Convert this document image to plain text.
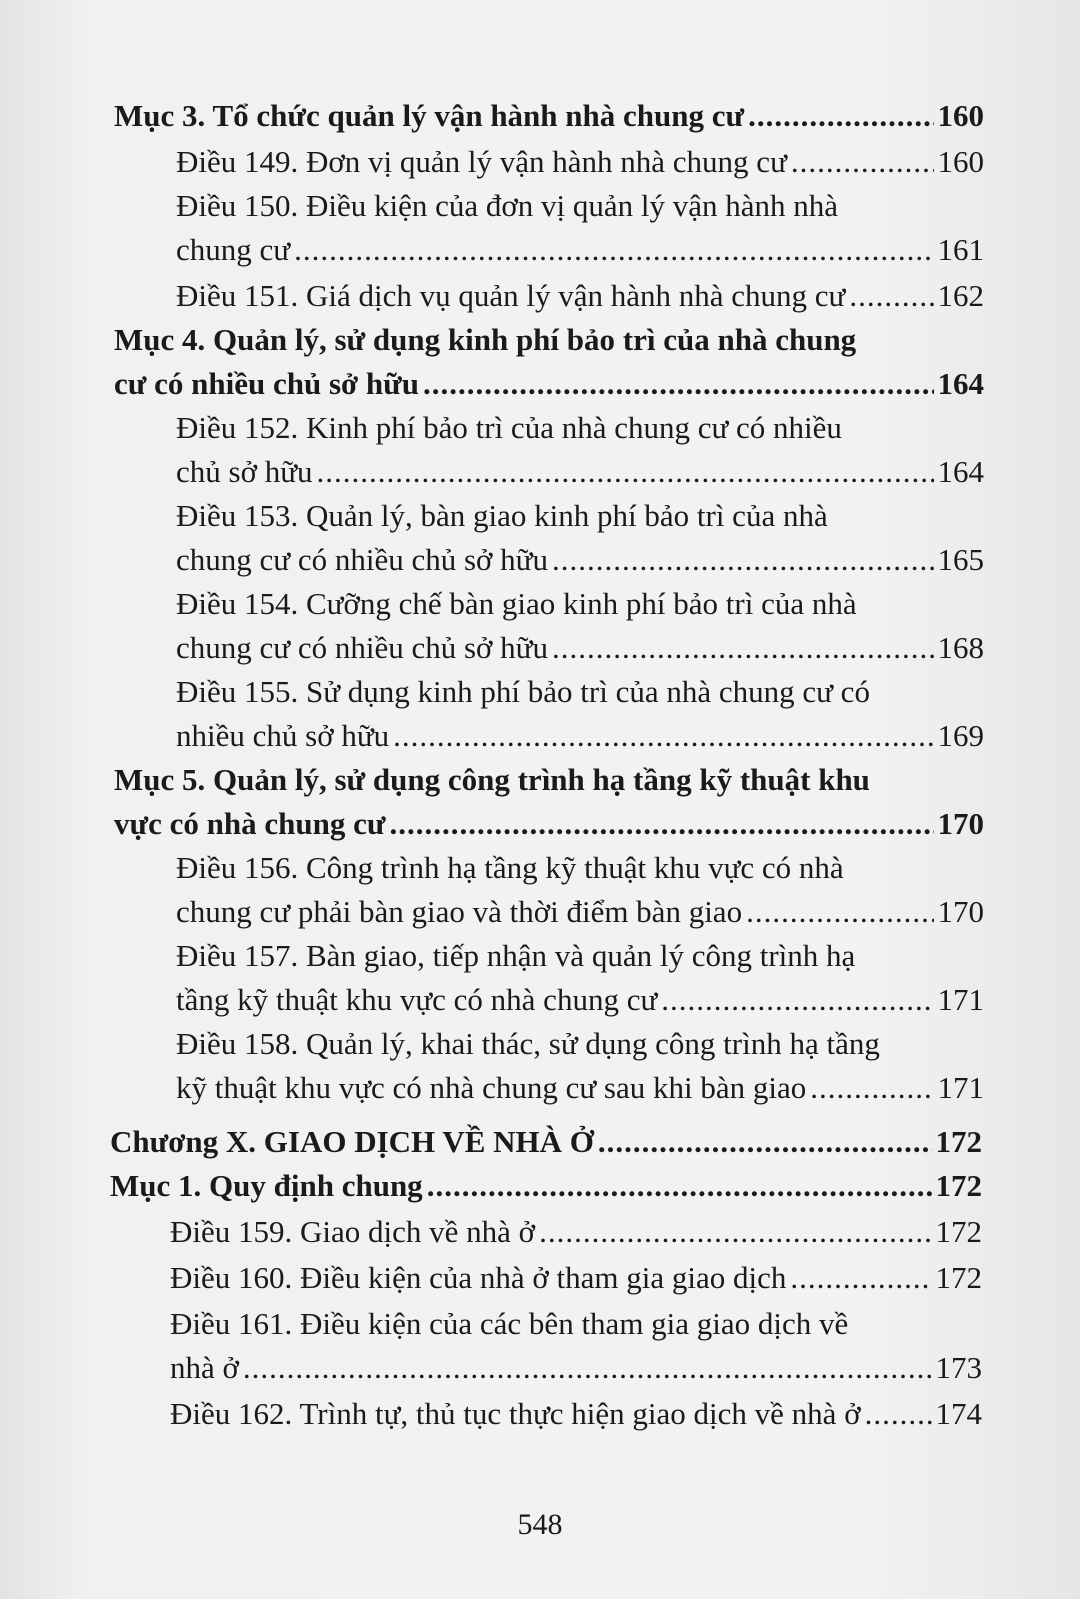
Mục 3. Tổ chức quản lý vận hành nhà chung cư .....	160
Điều 149. Đơn vị quản lý vận hành nhà chung cư .....	160
Điều 150. Điều kiện của đơn vị quản lý vận hành nhà
chung cư .....	161
Điều 151. Giá dịch vụ quản lý vận hành nhà chung cư .....	162
Mục 4. Quản lý, sử dụng kinh phí bảo trì của nhà chung
cư có nhiều chủ sở hữu .....	164
Điều 152. Kinh phí bảo trì của nhà chung cư có nhiều
chủ sở hữu .....	164
Điều 153. Quản lý, bàn giao kinh phí bảo trì của nhà
chung cư có nhiều chủ sở hữu .....	165
Điều 154. Cưỡng chế bàn giao kinh phí bảo trì của nhà
chung cư có nhiều chủ sở hữu .....	168
Điều 155. Sử dụng kinh phí bảo trì của nhà chung cư có
nhiều chủ sở hữu .....	169
Mục 5. Quản lý, sử dụng công trình hạ tầng kỹ thuật khu
vực có nhà chung cư .....	170
Điều 156. Công trình hạ tầng kỹ thuật khu vực có nhà
chung cư phải bàn giao và thời điểm bàn giao .....	170
Điều 157. Bàn giao, tiếp nhận và quản lý công trình hạ
tầng kỹ thuật khu vực có nhà chung cư .....	171
Điều 158. Quản lý, khai thác, sử dụng công trình hạ tầng
kỹ thuật khu vực có nhà chung cư sau khi bàn giao .....	171
Chương X. GIAO DỊCH VỀ NHÀ Ở .....	172
Mục 1. Quy định chung .....	172
Điều 159. Giao dịch về nhà ở .....	172
Điều 160. Điều kiện của nhà ở tham gia giao dịch .....	172
Điều 161. Điều kiện của các bên tham gia giao dịch về
nhà ở .....	173
Điều 162. Trình tự, thủ tục thực hiện giao dịch về nhà ở ..... 174
548
